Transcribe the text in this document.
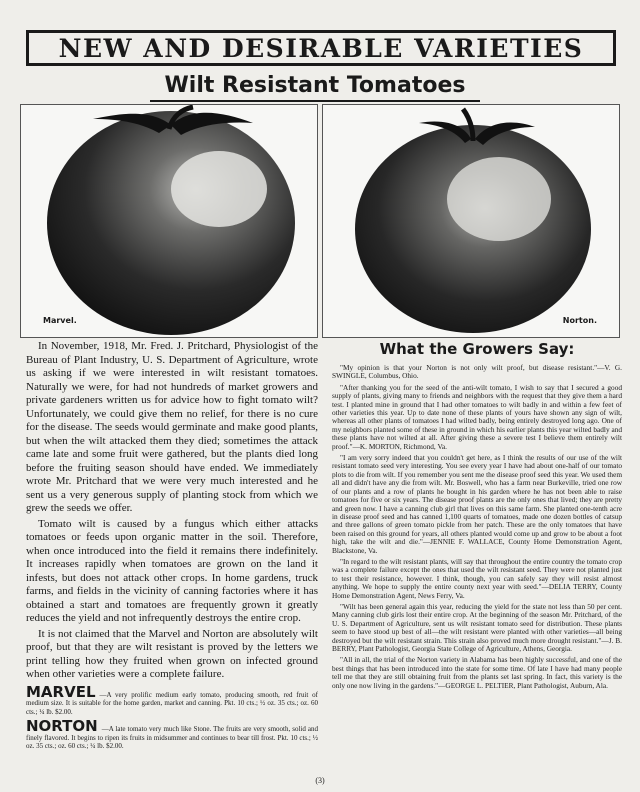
NEW AND DESIRABLE VARIETIES
Wilt Resistant Tomatoes
Marvel.	Norton.

In November, 1918, Mr. Fred. J. Pritchard, Physiologist of the Bureau of Plant Industry, U. S. Department of Agriculture, wrote us asking if we were interested in wilt resistant tomatoes. Naturally we were, for had not hundreds of market growers and private gardeners written us for advice how to fight tomato wilt? Unfortunately, we could give them no relief, for there is no cure for the disease. The seeds would germinate and make good plants, but when the wilt attacked them they died; sometimes the attack came late and some fruit were gathered, but the plants died long before the fruiting season should have ended. We immediately wrote Mr. Pritchard that we were very much interested and he sent us a very generous supply of planting stock from which we grew the seeds we offer.

Tomato wilt is caused by a fungus which either attacks tomatoes or feeds upon organic matter in the soil. Therefore, when once introduced into the field it remains there indefinitely. It increases rapidly when tomatoes are grown on the land it infests, but does not attack other crops. In home gardens, truck farms, and fields in the vicinity of canning factories where it has obtained a start and tomatoes are frequently grown it greatly reduces the yield and not infrequently destroys the entire crop.

It is not claimed that the Marvel and Norton are absolutely wilt proof, but that they are wilt resistant is proved by the letters we print telling how they fruited when grown on infected ground when other varieties were a complete failure.

MARVEL —A very prolific medium early tomato, producing smooth, red fruit of medium size. It is suitable for the home garden, market and canning. Pkt. 10 cts.; ½ oz. 35 cts.; oz. 60 cts.; ¼ lb. $2.00.
NORTON —A late tomato very much like Stone. The fruits are very smooth, solid and finely flavored. It begins to ripen its fruits in midsummer and continues to bear till frost. Pkt. 10 cts.; ½ oz. 35 cts.; oz. 60 cts.; ¼ lb. $2.00.
What the Growers Say:

"My opinion is that your Norton is not only wilt proof, but disease resistant."—V. G. SWINGLE, Columbus, Ohio.

"After thanking you for the seed of the anti-wilt tomato, I wish to say that I secured a good supply of plants, giving many to friends and neighbors with the request that they give them a hard test. I planted mine in ground that I had other tomatoes to wilt badly in and within a few feet of other varieties this year. Up to date none of these plants of yours have shown any sign of wilt, whereas all other plants of tomatoes I had wilted badly, being entirely destroyed long ago. One of my neighbors planted some of these in ground in which his earlier plants this year wilted badly and these plants have not wilted at all. After giving these a severe test I believe them entirely wilt proof."—K. MORTON, Richmond, Va.

"I am very sorry indeed that you couldn't get here, as I think the results of our use of the wilt resistant tomato seed very interesting. You see every year I have had about one-half of our tomato plots to die from wilt. If you remember you sent me the disease proof seed this year. We used them all and didn't have any die from wilt. Mr. Boswell, who has a farm near Burkeville, tried one row of our plants and a row of plants he bought in his garden where he has not been able to raise tomatoes for five or six years. The disease proof plants are the only ones that lived; they are pretty and green now. I have a canning club girl that lives on this same farm. She planted one-tenth acre in disease proof seed and has canned 1,100 quarts of tomatoes, made one dozen bottles of catsup and three gallons of green tomato pickle from her patch. These are the only tomatoes that have been raised on this ground for years, all others planted would come up and grow to be about a foot high, take the wilt and die."—JENNIE F. WALLACE, County Home Demonstration Agent, Blackstone, Va.

"In regard to the wilt resistant plants, will say that throughout the entire country the tomato crop was a complete failure except the ones that used the wilt resistant seed. They were not planted just to test their resistance, however. I think, though, you can safely say they will resist almost anything. We hope to supply the entire county next year with seed."—DELIA TERRY, County Home Demonstration Agent, News Ferry, Va.

"Wilt has been general again this year, reducing the yield for the state not less than 50 per cent. Many canning club girls lost their entire crop. At the beginning of the season Mr. Pritchard, of the U. S. Department of Agriculture, sent us wilt resistant tomato seed for distribution. These plants seem to have stood up best of all—the wilt resistant were planted with other varieties—all being destroyed but the wilt resistant strain. This strain also proved much more drought resistant."—J. B. BERRY, Plant Pathologist, Georgia State College of Agriculture, Athens, Georgia.

"All in all, the trial of the Norton variety in Alabama has been highly successful, and one of the best things that has been introduced into the state for some time. Of late I have had many people tell me that they are still obtaining fruit from the plants set last spring. In fact, this variety is the only one now living in the gardens."—GEORGE L. PELTIER, Plant Pathologist, Auburn, Ala.

(3)
